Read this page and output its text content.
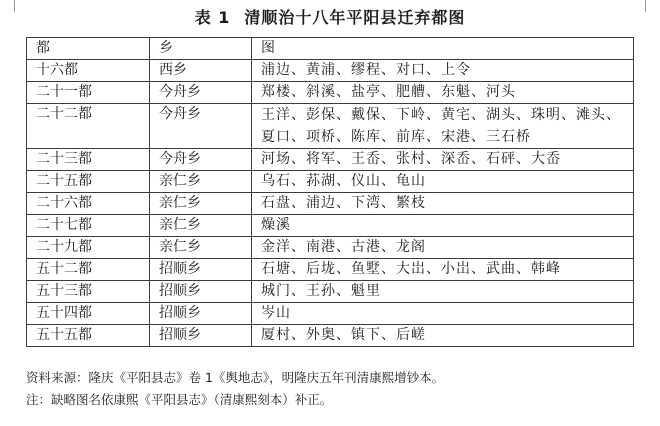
表 1 清顺治十八年平阳县迁弃都图
都	乡	图
十六都	西乡	浦边、黄浦、缪程、对口、上令
二十一都	今舟乡	郑楼、斜溪、盐亭、肥艚、东魁、河头
二十二都	今舟乡	王洋、彭保、戴保、下岭、黄宅、湖头、珠明、滩头、夏口、项桥、陈库、前库、宋港、三石桥
二十三都	今舟乡	河场、将军、王岙、张村、深岙、石砰、大岙
二十五都	亲仁乡	乌石、荪湖、仪山、龟山
二十六都	亲仁乡	石盘、浦边、下湾、繁枝
二十七都	亲仁乡	燥溪
二十九都	亲仁乡	金洋、南港、古港、龙阁
五十二都	招顺乡	石塘、后垅、鱼墅、大岀、小岀、武曲、韩峰
五十三都	招顺乡	城门、王孙、魁里
五十四都	招顺乡	岑山
五十五都	招顺乡	厦村、外奥、镇下、后嵯
资料来源：隆庆《平阳县志》卷 1《舆地志》，明隆庆五年刊清康熙增钞本。
注：缺略图名依康熙《平阳县志》（清康熙刻本）补正。
